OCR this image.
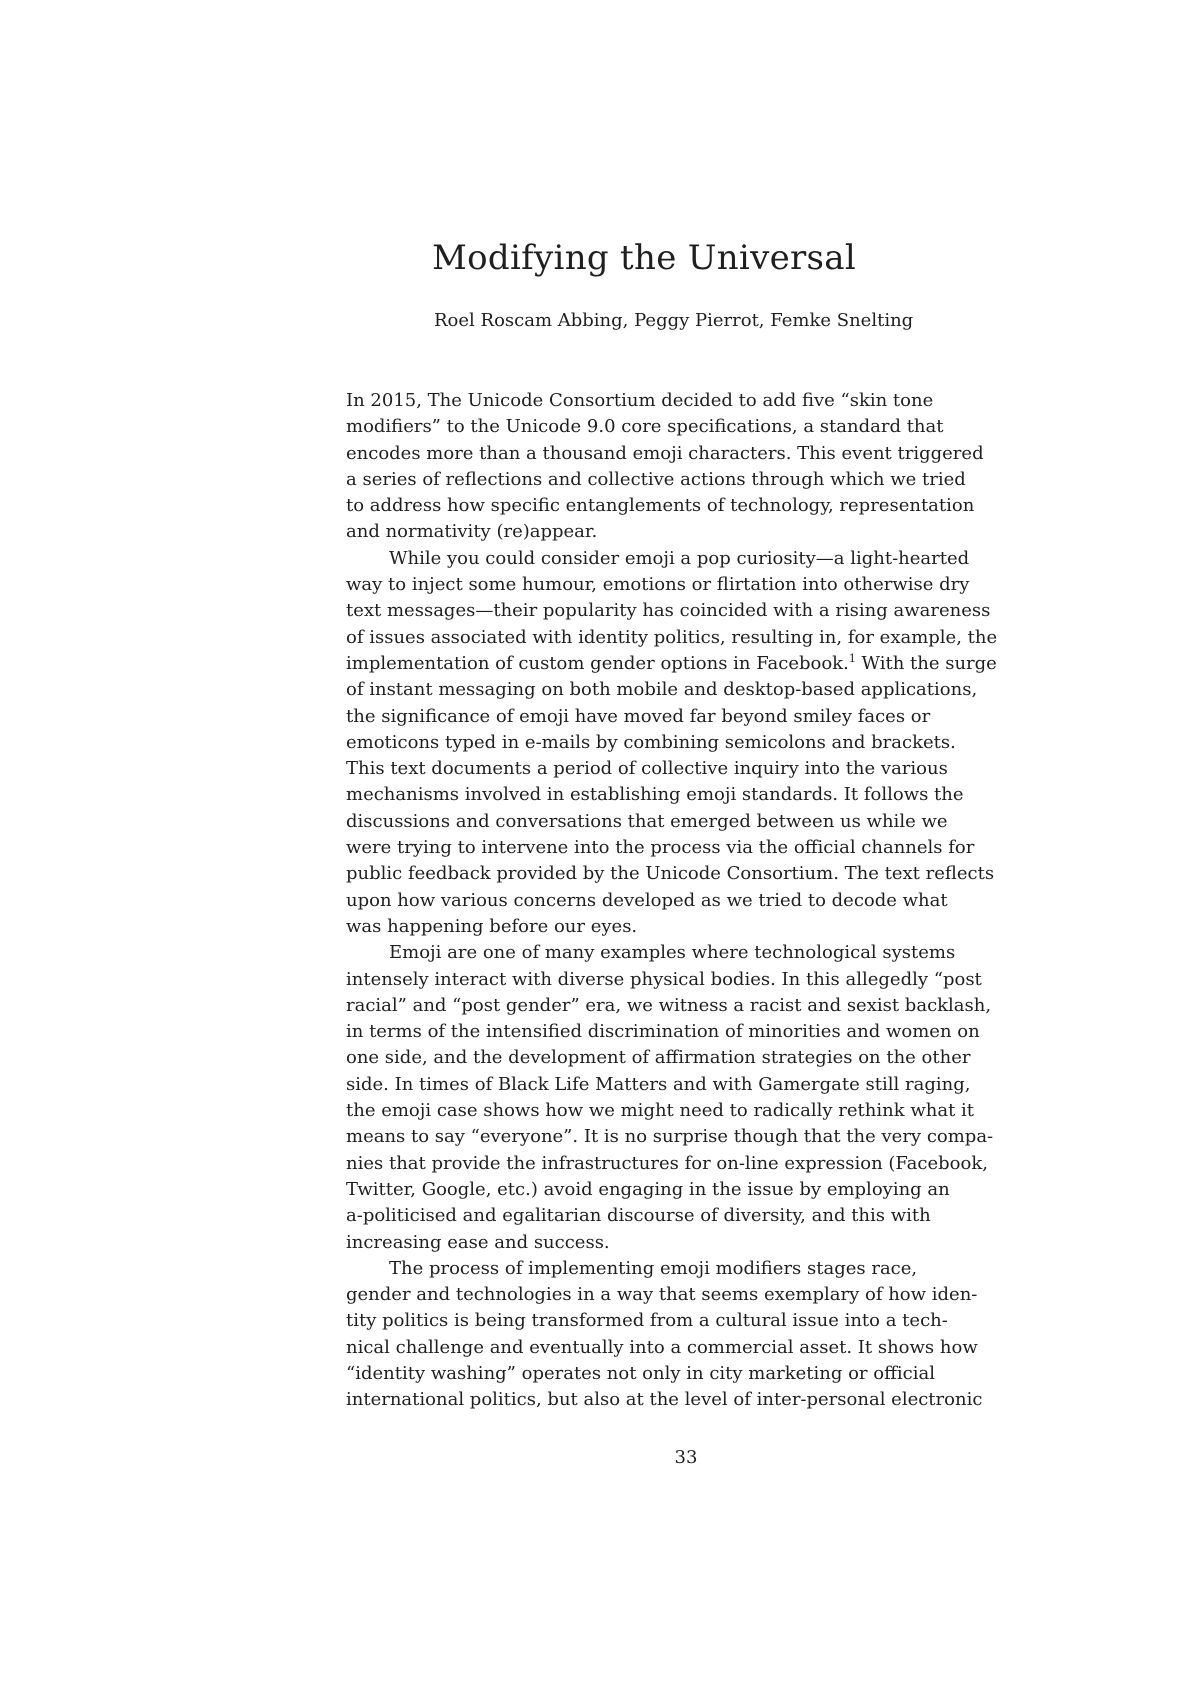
Modifying the Universal

Roel Roscam Abbing, Peggy Pierrot, Femke Snelting

In 2015, The Unicode Consortium decided to add five “skin tone
modifiers” to the Unicode 9.0 core specifications, a standard that
encodes more than a thousand emoji characters. This event triggered
a series of reflections and collective actions through which we tried
to address how specific entanglements of technology, representation
and normativity (re)appear.
While you could consider emoji a pop curiosity—a light-hearted
way to inject some humour, emotions or flirtation into otherwise dry
text messages—their popularity has coincided with a rising awareness
of issues associated with identity politics, resulting in, for example, the
implementation of custom gender options in Facebook.$^1$ With the surge
of instant messaging on both mobile and desktop-based applications,
the significance of emoji have moved far beyond smiley faces or
emoticons typed in e-mails by combining semicolons and brackets.
This text documents a period of collective inquiry into the various
mechanisms involved in establishing emoji standards. It follows the
discussions and conversations that emerged between us while we
were trying to intervene into the process via the official channels for
public feedback provided by the Unicode Consortium. The text reflects
upon how various concerns developed as we tried to decode what
was happening before our eyes.
Emoji are one of many examples where technological systems
intensely interact with diverse physical bodies. In this allegedly “post
racial” and “post gender” era, we witness a racist and sexist backlash,
in terms of the intensified discrimination of minorities and women on
one side, and the development of affirmation strategies on the other
side. In times of Black Life Matters and with Gamergate still raging,
the emoji case shows how we might need to radically rethink what it
means to say “everyone”. It is no surprise though that the very compa-
nies that provide the infrastructures for on-line expression (Facebook,
Twitter, Google, etc.) avoid engaging in the issue by employing an
a-politicised and egalitarian discourse of diversity, and this with
increasing ease and success.
The process of implementing emoji modifiers stages race,
gender and technologies in a way that seems exemplary of how iden-
tity politics is being transformed from a cultural issue into a tech-
nical challenge and eventually into a commercial asset. It shows how
“identity washing” operates not only in city marketing or official
international politics, but also at the level of inter-personal electronic

33
